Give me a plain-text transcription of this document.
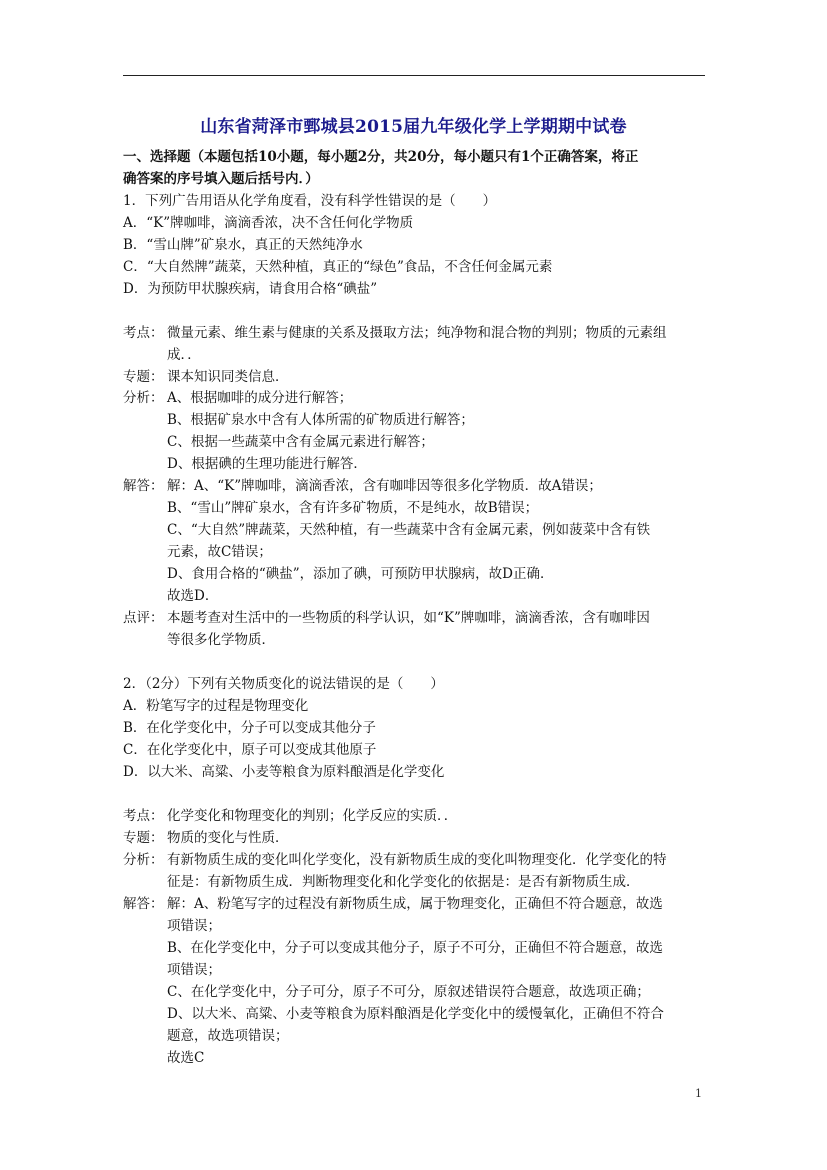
山东省菏泽市鄄城县2015届九年级化学上学期期中试卷
一、选择题（本题包括10小题，每小题2分，共20分，每小题只有1个正确答案，将正
确答案的序号填入题后括号内．）
1．下列广告用语从化学角度看，没有科学性错误的是（　　）
A．“K”牌咖啡，滴滴香浓，决不含任何化学物质
B．“雪山牌”矿泉水，真正的天然纯净水
C．“大自然牌”蔬菜，天然种植，真正的“绿色”食品，不含任何金属元素
D．为预防甲状腺疾病，请食用合格“碘盐”
考点： 微量元素、维生素与健康的关系及摄取方法；纯净物和混合物的判别；物质的元素组
成．．
专题： 课本知识同类信息．
分析： A、根据咖啡的成分进行解答；
B、根据矿泉水中含有人体所需的矿物质进行解答；
C、根据一些蔬菜中含有金属元素进行解答；
D、根据碘的生理功能进行解答．
解答： 解：A、“K”牌咖啡，滴滴香浓，含有咖啡因等很多化学物质．故A错误；
B、“雪山”牌矿泉水，含有许多矿物质，不是纯水，故B错误；
C、“大自然”牌蔬菜，天然种植，有一些蔬菜中含有金属元素，例如菠菜中含有铁
元素，故C错误；
D、食用合格的“碘盐”，添加了碘，可预防甲状腺病，故D正确．
故选D．
点评： 本题考查对生活中的一些物质的科学认识，如“K”牌咖啡，滴滴香浓，含有咖啡因
等很多化学物质．
2．（2分）下列有关物质变化的说法错误的是（　　）
A．粉笔写字的过程是物理变化
B．在化学变化中，分子可以变成其他分子
C．在化学变化中，原子可以变成其他原子
D．以大米、高粱、小麦等粮食为原料酿酒是化学变化
考点： 化学变化和物理变化的判别；化学反应的实质．．
专题： 物质的变化与性质．
分析： 有新物质生成的变化叫化学变化，没有新物质生成的变化叫物理变化．化学变化的特
征是：有新物质生成．判断物理变化和化学变化的依据是：是否有新物质生成．
解答： 解：A、粉笔写字的过程没有新物质生成，属于物理变化，正确但不符合题意，故选
项错误；
B、在化学变化中，分子可以变成其他分子，原子不可分，正确但不符合题意，故选
项错误；
C、在化学变化中，分子可分，原子不可分，原叙述错误符合题意，故选项正确；
D、以大米、高粱、小麦等粮食为原料酿酒是化学变化中的缓慢氧化，正确但不符合
题意，故选项错误；
故选C
1
